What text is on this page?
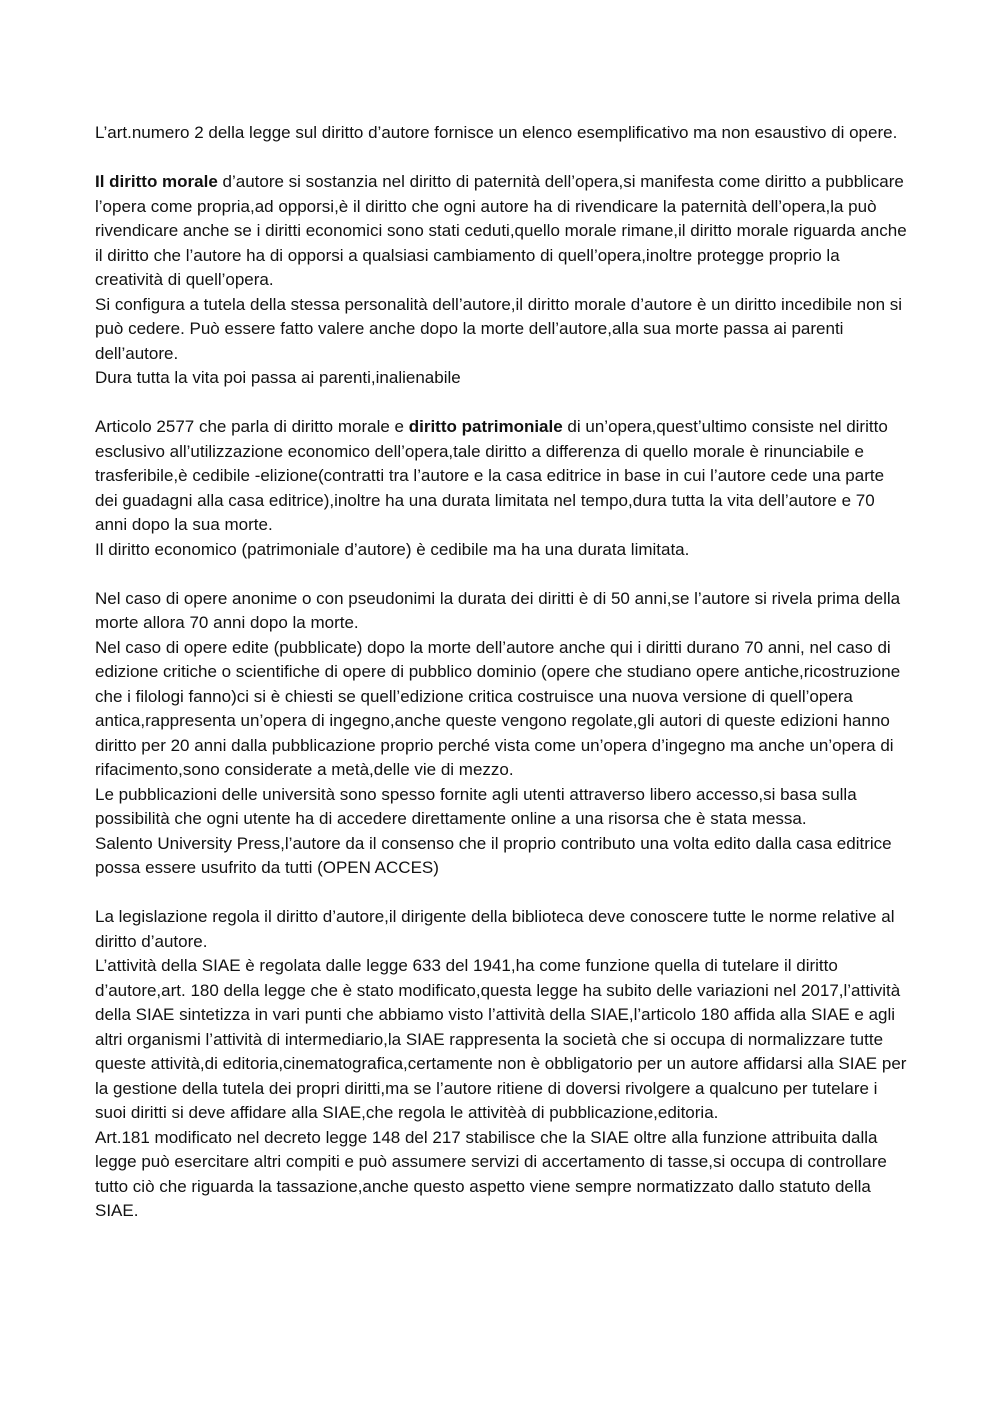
L’art.numero 2 della legge sul diritto d’autore fornisce un elenco esemplificativo ma non esaustivo di opere.

Il diritto morale d’autore si sostanzia nel diritto di paternità dell’opera,si manifesta come diritto a pubblicare l’opera come propria,ad opporsi,è il diritto che ogni autore ha di rivendicare la paternità dell’opera,la può rivendicare anche se i diritti economici sono stati ceduti,quello morale rimane,il diritto morale riguarda anche il diritto che l’autore ha di opporsi a qualsiasi cambiamento di quell’opera,inoltre protegge proprio la creatività di quell’opera.

Si configura a tutela della stessa personalità dell’autore,il diritto morale d’autore è un diritto incedibile non si può cedere. Può essere fatto valere anche dopo la morte dell’autore,alla sua morte passa ai parenti dell’autore.

Dura tutta la vita poi passa ai parenti,inalienabile

Articolo 2577 che parla di diritto morale e diritto patrimoniale di un’opera,quest’ultimo consiste nel diritto esclusivo all’utilizzazione economico dell’opera,tale diritto a differenza di quello morale è rinunciabile e trasferibile,è cedibile -elizione(contratti tra l’autore e la casa editrice in base in cui l’autore cede una parte dei guadagni alla casa editrice),inoltre ha una durata limitata nel tempo,dura tutta la vita dell’autore e 70 anni dopo la sua morte.

Il diritto economico (patrimoniale d’autore) è cedibile ma ha una durata limitata.

Nel caso di opere anonime o con pseudonimi la durata dei diritti è di 50 anni,se l’autore si rivela prima della morte allora 70 anni dopo la morte.

Nel caso di opere edite (pubblicate) dopo la morte dell’autore anche qui i diritti durano 70 anni, nel caso di edizione critiche o scientifiche di opere di pubblico dominio (opere che studiano opere antiche,ricostruzione che i filologi fanno)ci si è chiesti se quell’edizione critica costruisce una nuova versione di quell’opera antica,rappresenta un’opera di ingegno,anche queste vengono regolate,gli autori di queste edizioni hanno diritto per 20 anni dalla pubblicazione proprio perché vista come un’opera d’ingegno ma anche un’opera di rifacimento,sono considerate a metà,delle vie di mezzo.

Le pubblicazioni delle università sono spesso fornite agli utenti attraverso libero accesso,si basa sulla possibilità che ogni utente ha di accedere direttamente online a una risorsa che è stata messa.

Salento University Press,l’autore da il consenso che il proprio contributo una volta edito dalla casa editrice possa essere usufrito da tutti (OPEN ACCES)

La legislazione regola il diritto d’autore,il dirigente della biblioteca deve conoscere tutte le norme relative al diritto d’autore.

L’attività della SIAE è regolata dalle legge 633 del 1941,ha come funzione quella di tutelare il diritto d’autore,art. 180 della legge che è stato modificato,questa legge ha subito delle variazioni nel 2017,l’attività della SIAE sintetizza in vari punti che abbiamo visto l’attività della SIAE,l’articolo 180 affida alla SIAE e agli altri organismi l’attività di intermediario,la SIAE rappresenta la società che si occupa di normalizzare tutte queste attività,di editoria,cinematografica,certamente non è obbligatorio per un autore affidarsi alla SIAE per la gestione della tutela dei propri diritti,ma se l’autore ritiene di doversi rivolgere a qualcuno per tutelare i suoi diritti si deve affidare alla SIAE,che regola le attivitèà di pubblicazione,editoria.

Art.181 modificato nel decreto legge 148 del 217 stabilisce che la SIAE oltre alla funzione attribuita dalla legge può esercitare altri compiti e può assumere servizi di accertamento di tasse,si occupa di controllare tutto ciò che riguarda la tassazione,anche questo aspetto viene sempre normatizzato dallo statuto della SIAE.
